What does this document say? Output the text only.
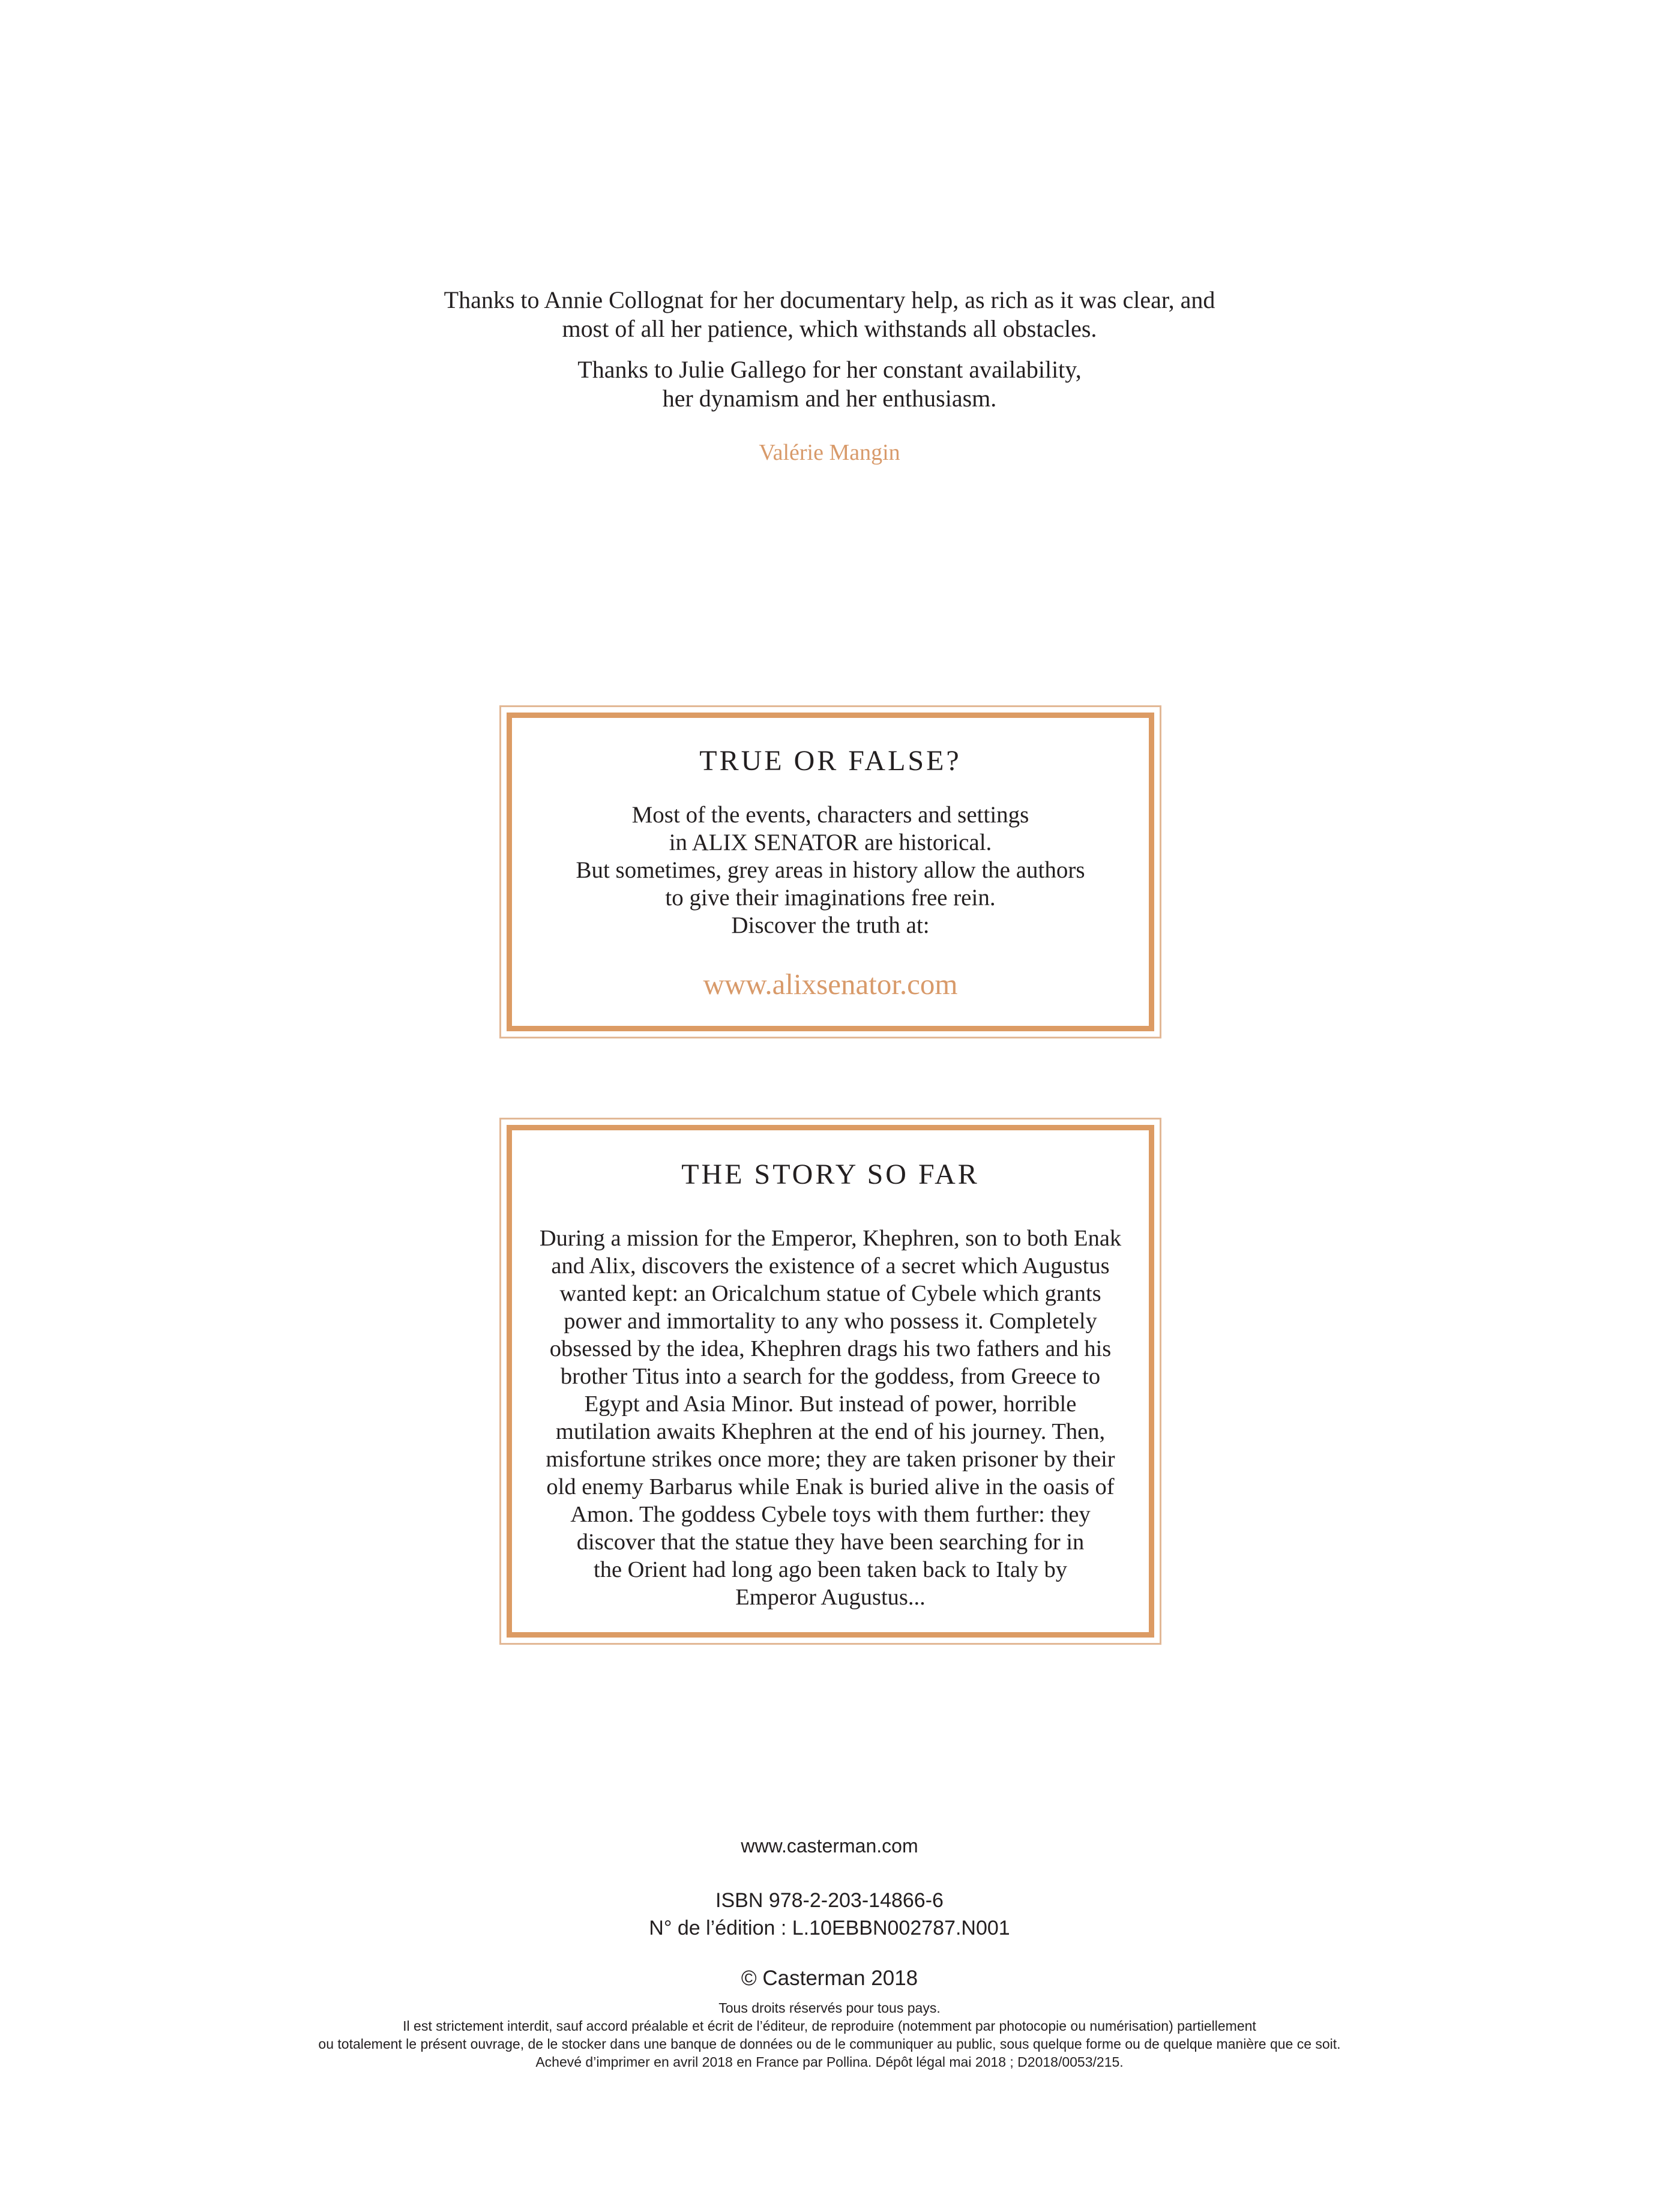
Thanks to Annie Collognat for her documentary help, as rich as it was clear, and

most of all her patience, which withstands all obstacles.

Thanks to Julie Gallego for her constant availability,

her dynamism and her enthusiasm.

Valérie Mangin

TRUE OR FALSE?
Most of the events, characters and settings
in ALIX SENATOR are historical.
But sometimes, grey areas in history allow the authors
to give their imaginations free rein.
Discover the truth at:
www.alixsenator.com
THE STORY SO FAR
During a mission for the Emperor, Khephren, son to both Enak
and Alix, discovers the existence of a secret which Augustus
wanted kept: an Oricalchum statue of Cybele which grants
power and immortality to any who possess it. Completely
obsessed by the idea, Khephren drags his two fathers and his
brother Titus into a search for the goddess, from Greece to
Egypt and Asia Minor. But instead of power, horrible
mutilation awaits Khephren at the end of his journey. Then,
misfortune strikes once more; they are taken prisoner by their
old enemy Barbarus while Enak is buried alive in the oasis of
Amon. The goddess Cybele toys with them further: they
discover that the statue they have been searching for in
the Orient had long ago been taken back to Italy by
Emperor Augustus...

www.casterman.com

ISBN 978-2-203-14866-6

N° de l’édition : L.10EBBN002787.N001

© Casterman 2018

Tous droits réservés pour tous pays.

Il est strictement interdit, sauf accord préalable et écrit de l’éditeur, de reproduire (notemment par photocopie ou numérisation) partiellement

ou totalement le présent ouvrage, de le stocker dans une banque de données ou de le communiquer au public, sous quelque forme ou de quelque manière que ce soit.

Achevé d’imprimer en avril 2018 en France par Pollina. Dépôt légal mai 2018 ; D2018/0053/215.
